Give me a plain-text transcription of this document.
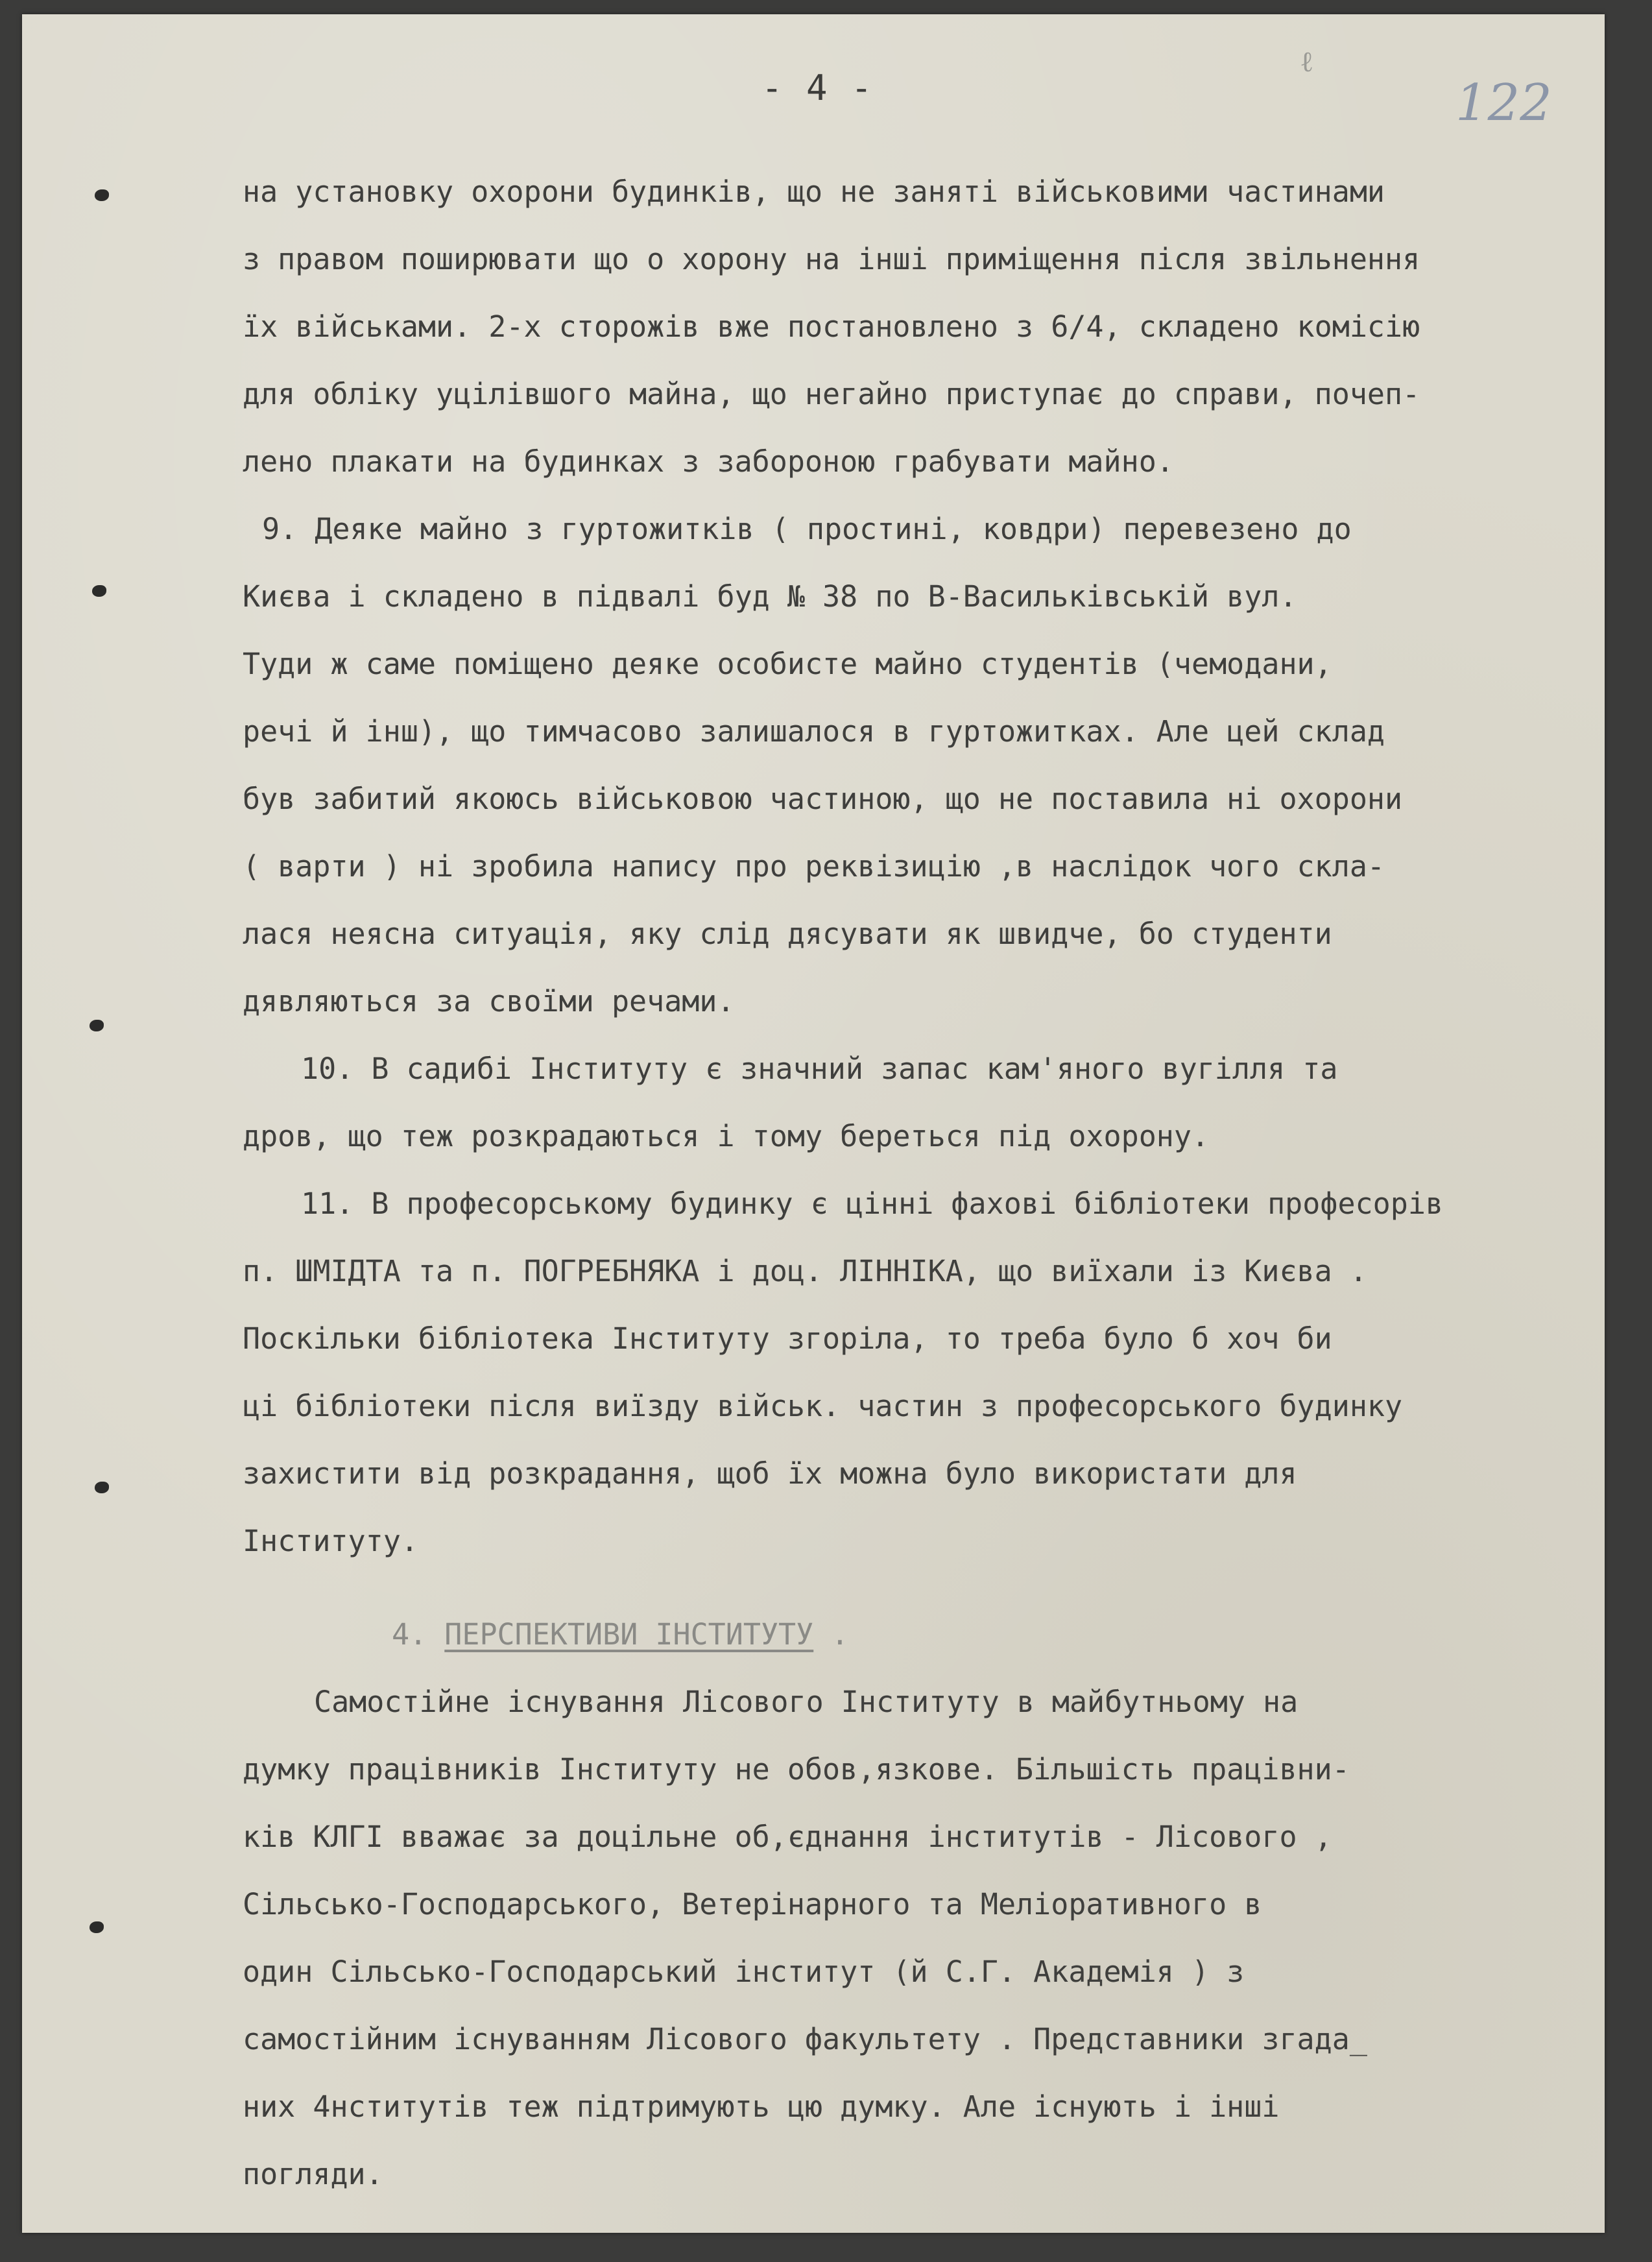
ℓ
- 4 -	122
на установку охорони будинків, що не заняті військовими частинами
з правом поширювати що о хорону на інші приміщення після звільнення
їх військами. 2-х сторожів вже постановлено з 6/4, складено комісію
для обліку уцілівшого майна, що негайно приступає до справи, почеп-
лено плакати на будинках з забороною грабувати майно.
9. Деяке майно з гуртожитків ( простині, ковдри) перевезено до
Києва і складено в підвалі буд № 38 по В-Васильківській вул.
Туди ж саме поміщено деяке особисте майно студентів (чемодани,
речі й інш), що тимчасово залишалося в гуртожитках. Але цей склад
був забитий якоюсь військовою частиною, що не поставила ні охорони
( варти ) ні зробила напису про реквізицію ,в наслідок чого скла-
лася неясна ситуація, яку слід дясувати як швидче, бо студенти
дявляються за своїми речами.
10. В садибі Інституту є значний запас кам'яного вугілля та
дров, що теж розкрадаються і тому береться під охорону.
11. В професорському будинку є цінні фахові бібліотеки професорів
п. ШМІДТА та п. ПОГРЕБНЯКА і доц. ЛІННІКА, що виїхали із Києва .
Поскільки бібліотека Інституту згоріла, то треба було б хоч би
ці бібліотеки після виїзду військ. частин з професорського будинку
захистити від розкрадання, щоб їх можна було використати для
Інституту.
4. ПЕРСПЕКТИВИ ІНСТИТУТУ .
Самостійне існування Лісового Інституту в майбутньому на
думку працівників Інституту не обов,язкове. Більшість працівни-
ків КЛГІ вважає за доцільне об,єднання інститутів - Лісового ,
Сільсько-Господарського, Ветерінарного та Меліоративного в
один Сільсько-Господарський інститут (й С.Г. Академія ) з
самостійним існуванням Лісового факультету . Представники згада_
них 4нститутів теж підтримують цю думку. Але існують і інші
погляди.
